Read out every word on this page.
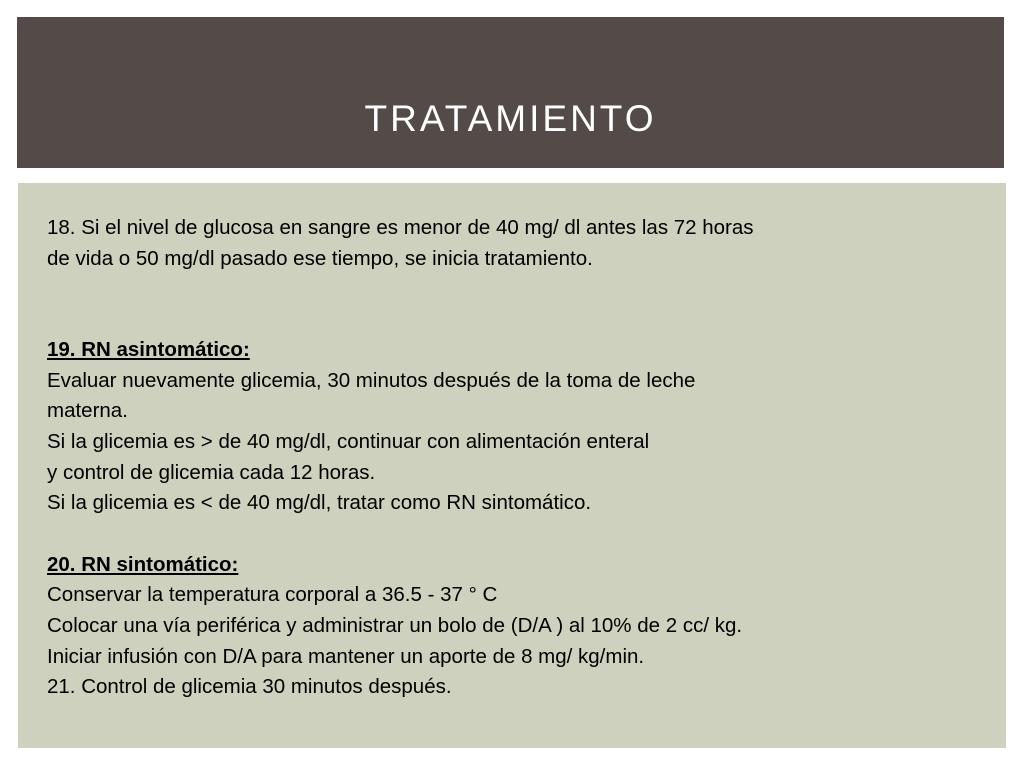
TRATAMIENTO

18. Si el nivel de glucosa en sangre es menor de 40 mg/ dl antes las 72 horas

de vida o 50 mg/dl pasado ese tiempo, se inicia tratamiento.

19. RN asintomático:

Evaluar nuevamente glicemia, 30 minutos después de la toma de leche

materna.

Si la glicemia es > de 40 mg/dl, continuar con alimentación enteral

y control de glicemia cada 12 horas.

Si la glicemia es < de 40 mg/dl, tratar como RN sintomático.

20. RN sintomático:

Conservar la temperatura corporal a 36.5 - 37 ° C

Colocar una vía periférica y administrar un bolo de (D/A ) al 10% de 2 cc/ kg.

Iniciar infusión con D/A para mantener un aporte de 8 mg/ kg/min.

21. Control de glicemia 30 minutos después.
